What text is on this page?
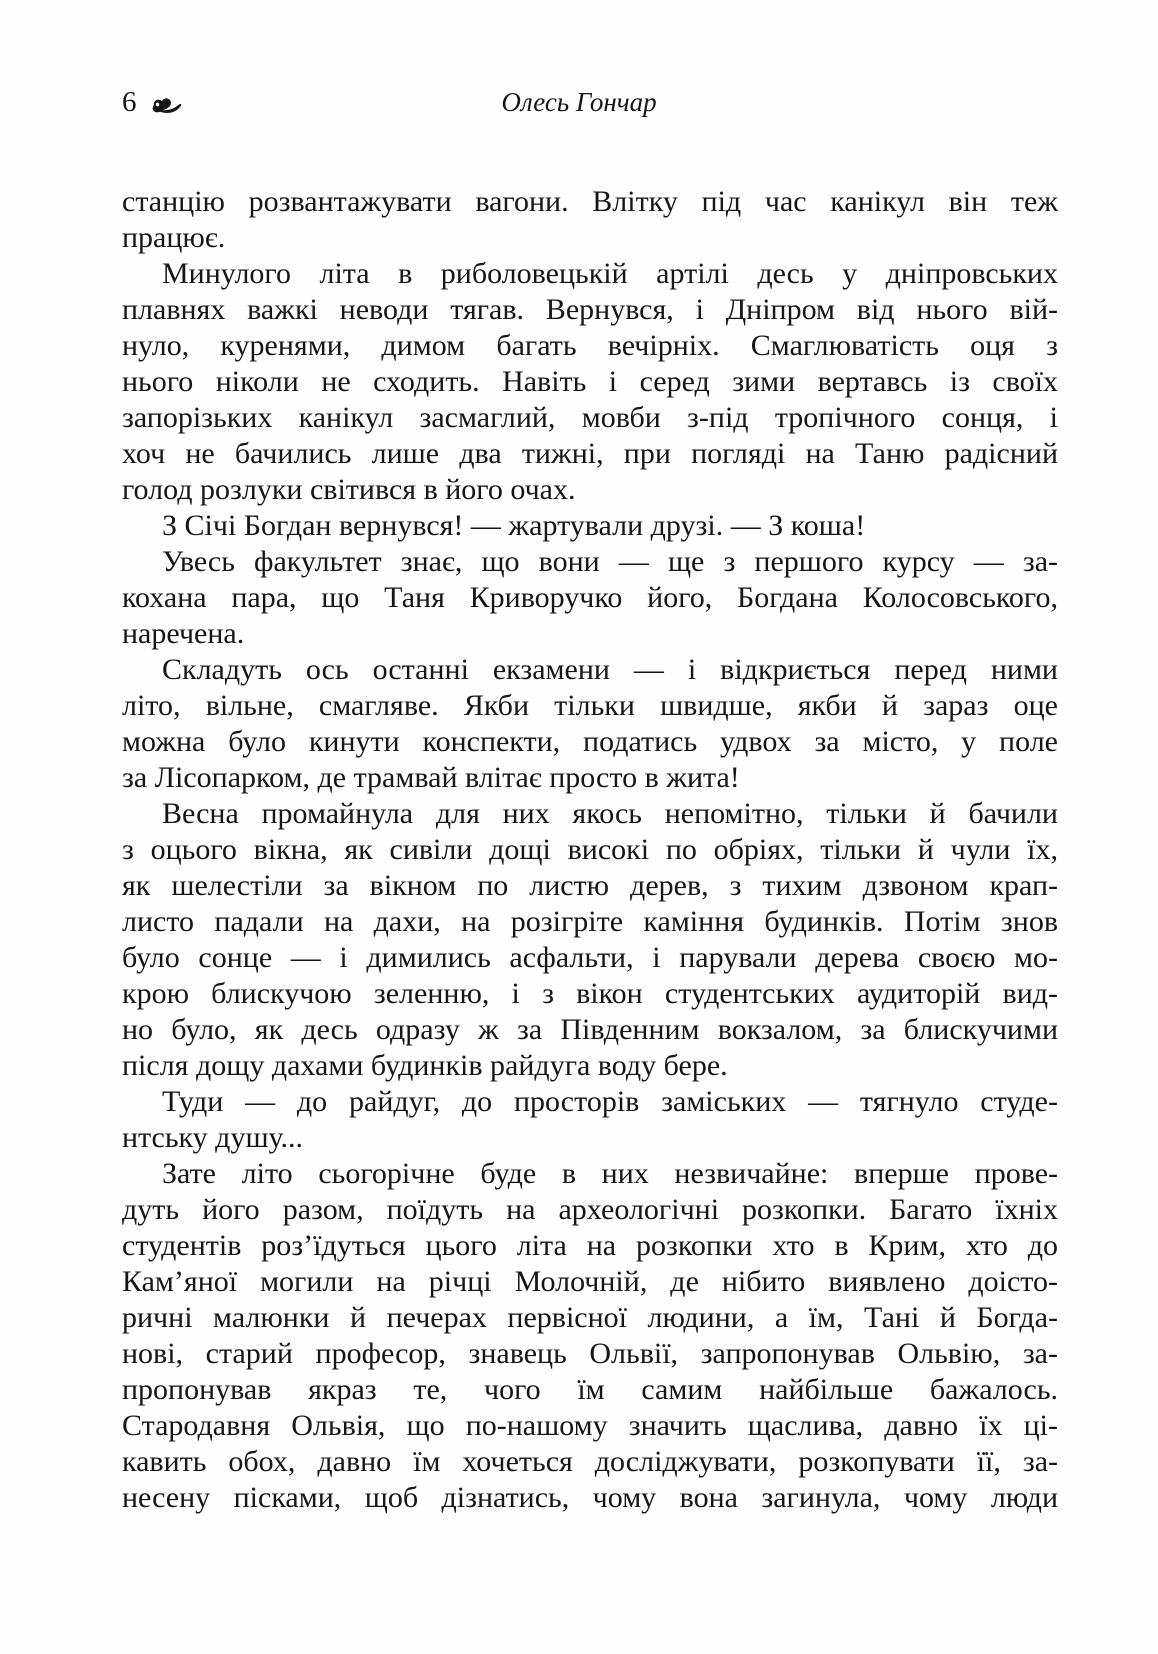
6	Олесь Гончар
станцію розвантажувати вагони. Влітку під час канікул він теж
працює.
Минулого літа в риболовецькій артілі десь у дніпровських
плавнях важкі неводи тягав. Вернувся, і Дніпром від нього вій-
нуло, куренями, димом багать вечірніх. Смаглюватість оця з
нього ніколи не сходить. Навіть і серед зими вертавсь із своїх
запорізьких канікул засмаглий, мовби з-під тропічного сонця, і
хоч не бачились лише два тижні, при погляді на Таню радісний
голод розлуки світився в його очах.
З Січі Богдан вернувся! — жартували друзі. — З коша!
Увесь факультет знає, що вони — ще з першого курсу — за-
кохана пара, що Таня Криворучко його, Богдана Колосовського,
наречена.
Складуть ось останні екзамени — і відкриється перед ними
літо, вільне, смагляве. Якби тільки швидше, якби й зараз оце
можна було кинути конспекти, податись удвох за місто, у поле
за Лісопарком, де трамвай влітає просто в жита!
Весна промайнула для них якось непомітно, тільки й бачили
з оцього вікна, як сивіли дощі високі по обріях, тільки й чули їх,
як шелестіли за вікном по листю дерев, з тихим дзвоном крап-
листо падали на дахи, на розігріте каміння будинків. Потім знов
було сонце — і димились асфальти, і парували дерева своєю мо-
крою блискучою зеленню, і з вікон студентських аудиторій вид-
но було, як десь одразу ж за Південним вокзалом, за блискучими
після дощу дахами будинків райдуга воду бере.
Туди — до райдуг, до просторів заміських — тягнуло студе-
нтську душу...
Зате літо сьогорічне буде в них незвичайне: вперше прове-
дуть його разом, поїдуть на археологічні розкопки. Багато їхніх
студентів роз’їдуться цього літа на розкопки хто в Крим, хто до
Кам’яної могили на річці Молочній, де нібито виявлено доісто-
ричні малюнки й печерах первісної людини, а їм, Тані й Богда-
нові, старий професор, знавець Ольвії, запропонував Ольвію, за-
пропонував якраз те, чого їм самим найбільше бажалось.
Стародавня Ольвія, що по-нашому значить щаслива, давно їх ці-
кавить обох, давно їм хочеться досліджувати, розкопувати її, за-
несену пісками, щоб дізнатись, чому вона загинула, чому люди
